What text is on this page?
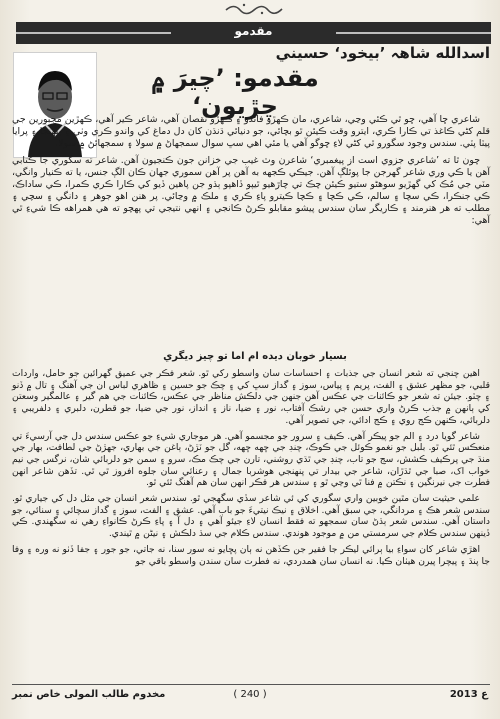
مقدمو
اسدالله شاهہ ’بيخود‘ حسيني
مقدمو: ’چيرَ ۾ چڙيون‘

شاعري ڇا آهي، ڇو ٿي ڪئي وڃي، شاعري، مان ڪهڙو فائدو ۽ ڪهڙو نقصان آهي، شاعر ڪير آهي، ڪهڙين مجبورين جي قلم کڻي ڪاغذ تي ڪارا ڪري، ايترو وقت ڪيئن ٿو بچائي، جو دنيائي ڌنڌن کان دل دماغ کي واندو ڪري وٺي ۽ پنهنجا ۽ پرايا پيٽا پٽي. سندس وجود سگورو ٿي کڻي لاءِ ڇوگو آهي يا مئي اهي سڀ سوال سمجهاڻ ۾ سولا ۽ سمجهائڻ ۾ سولا.

چون ٿا ته ’شاعري جزوي است از پيغمبري‘ شاعرن وٽ غيب جي خزانن جون ڪنجيون آهن. شاعر ته سگوري جا ڪتابي آهن يا ڪي وري شاعر گهرجن جا پوئلڳ آهن. جيڪي ڪجهه به آهن پر آهن سموري جهان ڪان الڳ جنس، يا ته ڪنيار وانگي، مٽي جي مُڪ کي گهڙيو سوهڻو ستيو ڪيئن چڪ تي چاڙهيو ٿيپو ڏاهپو ٻڌو جن پاهين ڏيو کي ڪارا ڪري ڪمرا، ڪي ساداڪ، ڪي جنڪرا، ڪي سچا ۽ سالم، ڪي ڪچا ۽ ڪچا ڪيترو پاءِ ڪري ۽ ملڪ ۾ وڃائي. پر هنن اهو جوهر ۽ دانگي ۽ سچي ۽ مطلب ته هر هنرمند ۽ ڪاريگر سان سندس پيشو مقابلو ڪرڻ ڪانجي ۽ انهي نتيجي تي پهچو ته هي همراهه ڪا شيءِ ٿي آهي:

بسيار خوبان ديده ام اما تو چيز ديگري

اهين چنجي ته شعر انسان جي جذبات ۽ احساسات سان واسطو رکي ٿو. شعر فڪر جي عميق گهرائين جو حامل، واردات قلبي، جو مظهر عشق ۽ الفت، پريم ۽ پياس، سوز ۽ گداز سڀ کي ۽ چڪ جو حسين ۽ ظاهري لباس ان جي آهنگ ۽ تال ۾ ڏنو ۽ چٽو. جيئن ته شعر جو ڪائنات جي عڪس آهن جنهن جي دلڪش مناظر جي عڪس، ڪائنات جي هم گير ۽ عالمگير وسعتن کي ٻانهن ۾ جذب ڪرڻ واري حسن جي رشڪ آفتاب، نور ۽ ضيا، ناز ۽ انداز، نور جي ضيا، جو قطرن، دلبري ۽ دلفريبي ۽ دلربائي، ڪنهن ڪج روي ۽ ڪج ادائي، جي تصوير آهي.

شاعر گويا درد ۽ الم جو پيڪر آهي. ڪيف ۽ سرور جو مجسمو آهي. هر موجاري شيءِ جو عڪس سندس دل جي آرسيءَ تي منعڪس ٿئي ٿو. بلبل جو نغمو ڪوئل جي ڪوڪ، چنڊ جي ڇهه ڇهه، گل جو ٽڙڻ، ٻاغن جي بهاري، جهڙڻ جي لطافت، بهار جي منڌ جي پرڪيف ڪشش، سج جو تاب، چنڊ جي ٿڌي روشني، تارن جي چڪ مڪ، سرو ۽ سمن جو دلربائي شان، نرگس جي نيم خواب اک، صبا جي ٿڌڙان، شاعر جي بيدار تي پنهنجي هوشربا جمال ۽ رعنائي سان جلوه افروز ٿي ٿي. تڏهن شاعر انهن فطرت جي نيرنگين ۽ نڪتن ۾ فنا ٿي وڃي ٿو ۽ سندس هر فڪر انهن سان هم آهنگ ٿئي ٿو.

علمي حيثيت سان مٿين خوبين واري سگوري کي ئي شاعر سڏي سگهجي ٿو. سندس شعر انسان جي مثل دل کي جياري ٿو. سندس شعر هڪ ۽ مردانگي، جي سبق آهي. اخلاق ۽ نيڪ نيتيءَ جو باب آهي. عشق ۽ الفت، سوز ۽ گداز سچائي ۽ سنائي، جو داستان آهي. سندس شعر ٻڌڻ سان سمجهو ته فقط انسان لاءِ جيئو آهي ۽ دل آ ۽ پاءِ ڪرڻ ڪانواءِ رهي نه سگهندي. ڪي ڏينهن سندس ڪلام جي سرمستي من ۾ موجود هوندي. سندس ڪلام جي سڌ دلڪش ۽ نيڻن ۾ ٿيندي.

اهڙي شاعر کان سواءِ بيا ٻرائي ليڪر جا فقير جن ڪڏهن نه ٻان پڇايو نه سور سنا، نه جاتي، جو جور ۽ جفا ڏٺو نه وره ۽ وفا جا پنڌ ۽ پيچرا پيرن هيٺان ڪيا. نه انسان سان همدردي، نه فطرت سان سندن واسطو باقي جو

مخدوم طالب المولى خاص نمبر	( 240 )	2013 ع
